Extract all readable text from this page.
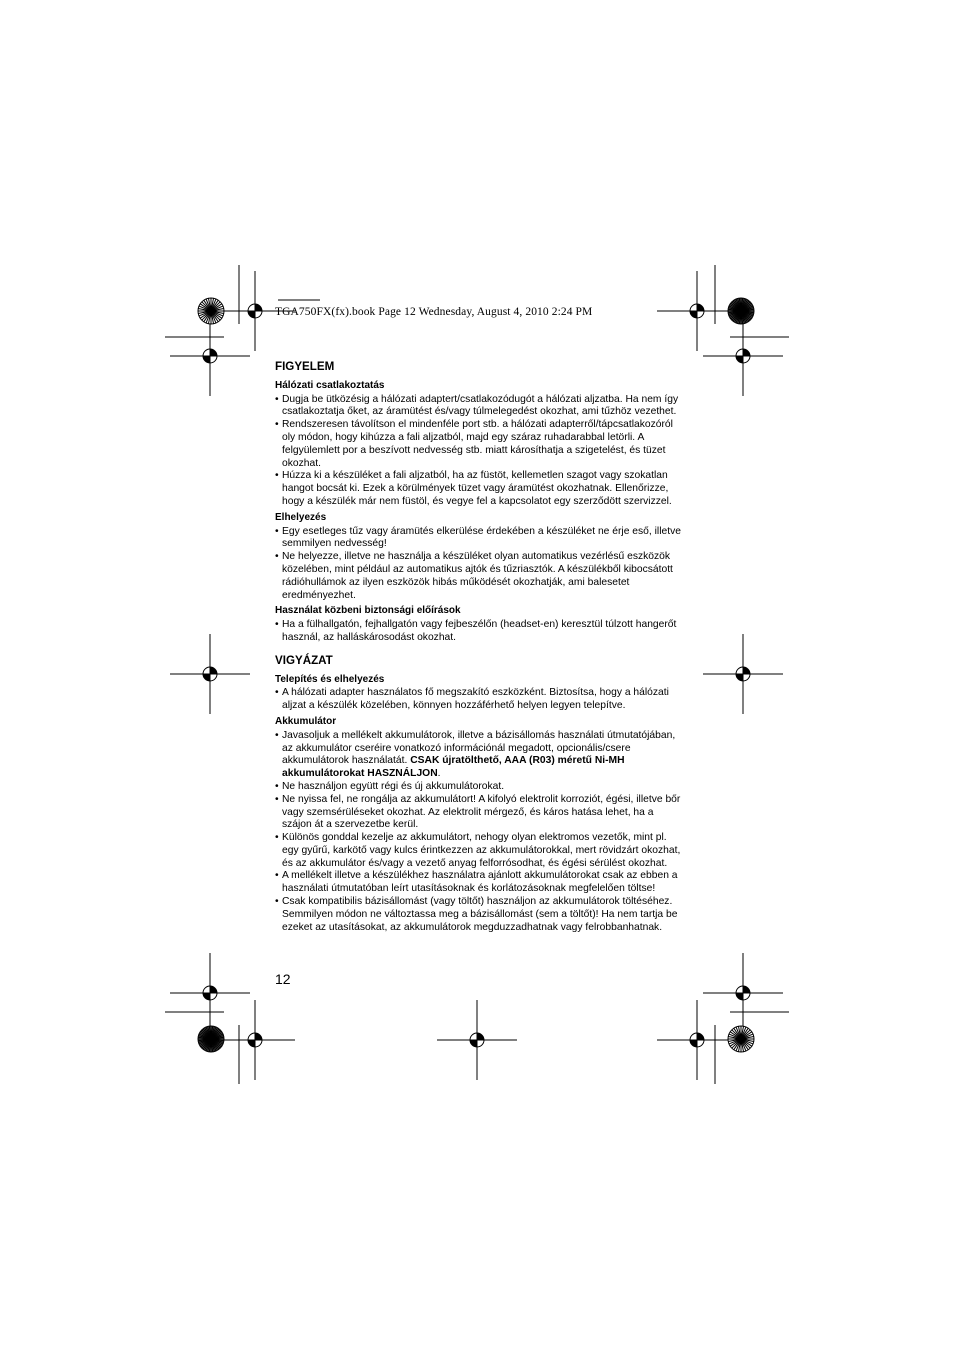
TGA750FX(fx).book Page 12 Wednesday, August 4, 2010 2:24 PM
FIGYELEM
Hálózati csatlakoztatás

• Dugja be ütközésig a hálózati adaptert/csatlakozódugót a hálózati aljzatba. Ha nem így csatlakoztatja őket, az áramütést és/vagy túlmelegedést okozhat, ami tűzhöz vezethet.

• Rendszeresen távolítson el mindenféle port stb. a hálózati adapterről/tápcsatlakozóról oly módon, hogy kihúzza a fali aljzatból, majd egy száraz ruhadarabbal letörli. A felgyülemlett por a beszívott nedvesség stb. miatt károsíthatja a szigetelést, és tüzet okozhat.

• Húzza ki a készüléket a fali aljzatból, ha az füstöt, kellemetlen szagot vagy szokatlan hangot bocsát ki. Ezek a körülmények tüzet vagy áramütést okozhatnak. Ellenőrizze, hogy a készülék már nem füstöl, és vegye fel a kapcsolatot egy szerződött szervizzel.

Elhelyezés

• Egy esetleges tűz vagy áramütés elkerülése érdekében a készüléket ne érje eső, illetve semmilyen nedvesség!

• Ne helyezze, illetve ne használja a készüléket olyan automatikus vezérlésű eszközök közelében, mint például az automatikus ajtók és tűzriasztók. A készülékből kibocsátott rádióhullámok az ilyen eszközök hibás működését okozhatják, ami balesetet eredményezhet.

Használat közbeni biztonsági előírások

• Ha a fülhallgatón, fejhallgatón vagy fejbeszélőn (headset-en) keresztül túlzott hangerőt használ, az halláskárosodást okozhat.

VIGYÁZAT
Telepítés és elhelyezés

• A hálózati adapter használatos fő megszakító eszközként. Biztosítsa, hogy a hálózati aljzat a készülék közelében, könnyen hozzáférhető helyen legyen telepítve.

Akkumulátor

• Javasoljuk a mellékelt akkumulátorok, illetve a bázisállomás használati útmutatójában, az akkumulátor cseréire vonatkozó információnál megadott, opcionális/csere akkumulátorok használatát. CSAK újratölthető, AAA (R03) méretű Ni-MH akkumulátorokat HASZNÁLJON.

• Ne használjon együtt régi és új akkumulátorokat.

• Ne nyissa fel, ne rongálja az akkumulátort! A kifolyó elektrolit korroziót, égési, illetve bőr vagy szemsérüléseket okozhat. Az elektrolit mérgező, és káros hatása lehet, ha a szájon át a szervezetbe kerül.

• Különös gonddal kezelje az akkumulátort, nehogy olyan elektromos vezetők, mint pl. egy gyűrű, karkötő vagy kulcs érintkezzen az akkumulátorokkal, mert rövidzárt okozhat, és az akkumulátor és/vagy a vezető anyag felforrósodhat, és égési sérülést okozhat.

• A mellékelt illetve a készülékhez használatra ajánlott akkumulátorokat csak az ebben a használati útmutatóban leírt utasításoknak és korlátozásoknak megfelelően töltse!

• Csak kompatibilis bázisállomást (vagy töltőt) használjon az akkumulátorok töltéséhez. Semmilyen módon ne változtassa meg a bázisállomást (sem a töltőt)! Ha nem tartja be ezeket az utasításokat, az akkumulátorok megduzzadhatnak vagy felrobbanhatnak.

12
